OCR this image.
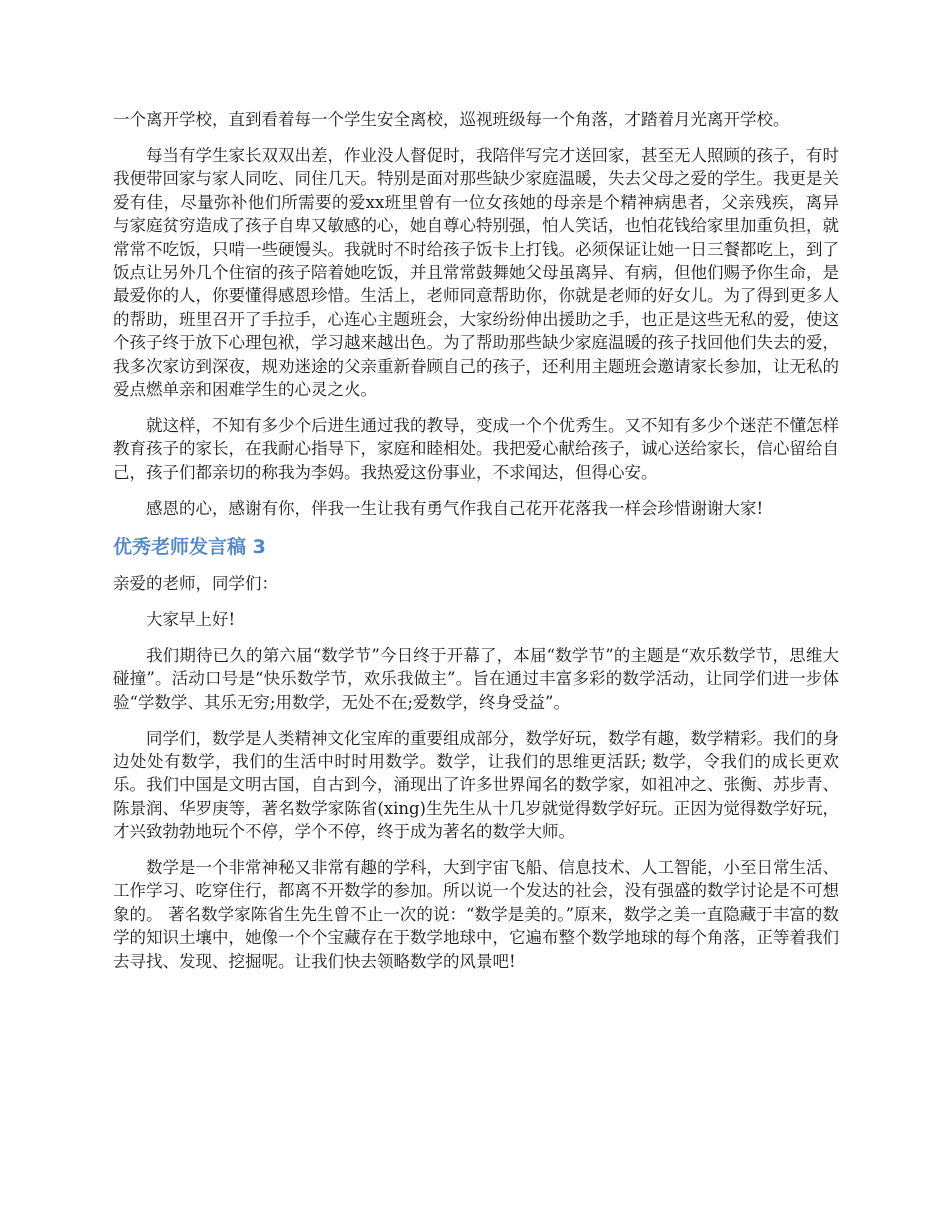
一个离开学校，直到看着每一个学生安全离校，巡视班级每一个角落，才踏着月光离开学校。

每当有学生家长双双出差，作业没人督促时，我陪伴写完才送回家，甚至无人照顾的孩子，有时我便带回家与家人同吃、同住几天。特别是面对那些缺少家庭温暖，失去父母之爱的学生。我更是关爱有佳，尽量弥补他们所需要的爱xx班里曾有一位女孩她的母亲是个精神病患者，父亲残疾，离异与家庭贫穷造成了孩子自卑又敏感的心，她自尊心特别强，怕人笑话，也怕花钱给家里加重负担，就常常不吃饭，只啃一些硬馒头。我就时不时给孩子饭卡上打钱。必须保证让她一日三餐都吃上，到了饭点让另外几个住宿的孩子陪着她吃饭，并且常常鼓舞她父母虽离异、有病，但他们赐予你生命，是最爱你的人，你要懂得感恩珍惜。生活上，老师同意帮助你，你就是老师的好女儿。为了得到更多人的帮助，班里召开了手拉手，心连心主题班会，大家纷纷伸出援助之手，也正是这些无私的爱，使这个孩子终于放下心理包袱，学习越来越出色。为了帮助那些缺少家庭温暖的孩子找回他们失去的爱，我多次家访到深夜，规劝迷途的父亲重新眷顾自己的孩子，还利用主题班会邀请家长参加，让无私的爱点燃单亲和困难学生的心灵之火。

就这样，不知有多少个后进生通过我的教导，变成一个个优秀生。又不知有多少个迷茫不懂怎样教育孩子的家长，在我耐心指导下，家庭和睦相处。我把爱心献给孩子，诚心送给家长，信心留给自己，孩子们都亲切的称我为李妈。我热爱这份事业，不求闻达，但得心安。

感恩的心，感谢有你，伴我一生让我有勇气作我自己花开花落我一样会珍惜谢谢大家!

优秀老师发言稿 3

亲爱的老师，同学们：

大家早上好!

我们期待已久的第六届“数学节”今日终于开幕了，本届“数学节”的主题是“欢乐数学节，思维大碰撞”。活动口号是“快乐数学节，欢乐我做主”。旨在通过丰富多彩的数学活动，让同学们进一步体验“学数学、其乐无穷;用数学，无处不在;爱数学，终身受益”。

同学们，数学是人类精神文化宝库的重要组成部分，数学好玩，数学有趣，数学精彩。我们的身边处处有数学，我们的生活中时时用数学。数学，让我们的思维更活跃; 数学，令我们的成长更欢乐。我们中国是文明古国，自古到今，涌现出了许多世界闻名的数学家，如祖冲之、张衡、苏步青、陈景润、华罗庚等，著名数学家陈省(xing)生先生从十几岁就觉得数学好玩。正因为觉得数学好玩，才兴致勃勃地玩个不停，学个不停，终于成为著名的数学大师。

数学是一个非常神秘又非常有趣的学科，大到宇宙飞船、信息技术、人工智能，小至日常生活、工作学习、吃穿住行，都离不开数学的参加。所以说一个发达的社会，没有强盛的数学讨论是不可想象的。 著名数学家陈省生先生曾不止一次的说：“数学是美的。”原来，数学之美一直隐藏于丰富的数学的知识土壤中，她像一个个宝藏存在于数学地球中，它遍布整个数学地球的每个角落，正等着我们去寻找、发现、挖掘呢。让我们快去领略数学的风景吧!
